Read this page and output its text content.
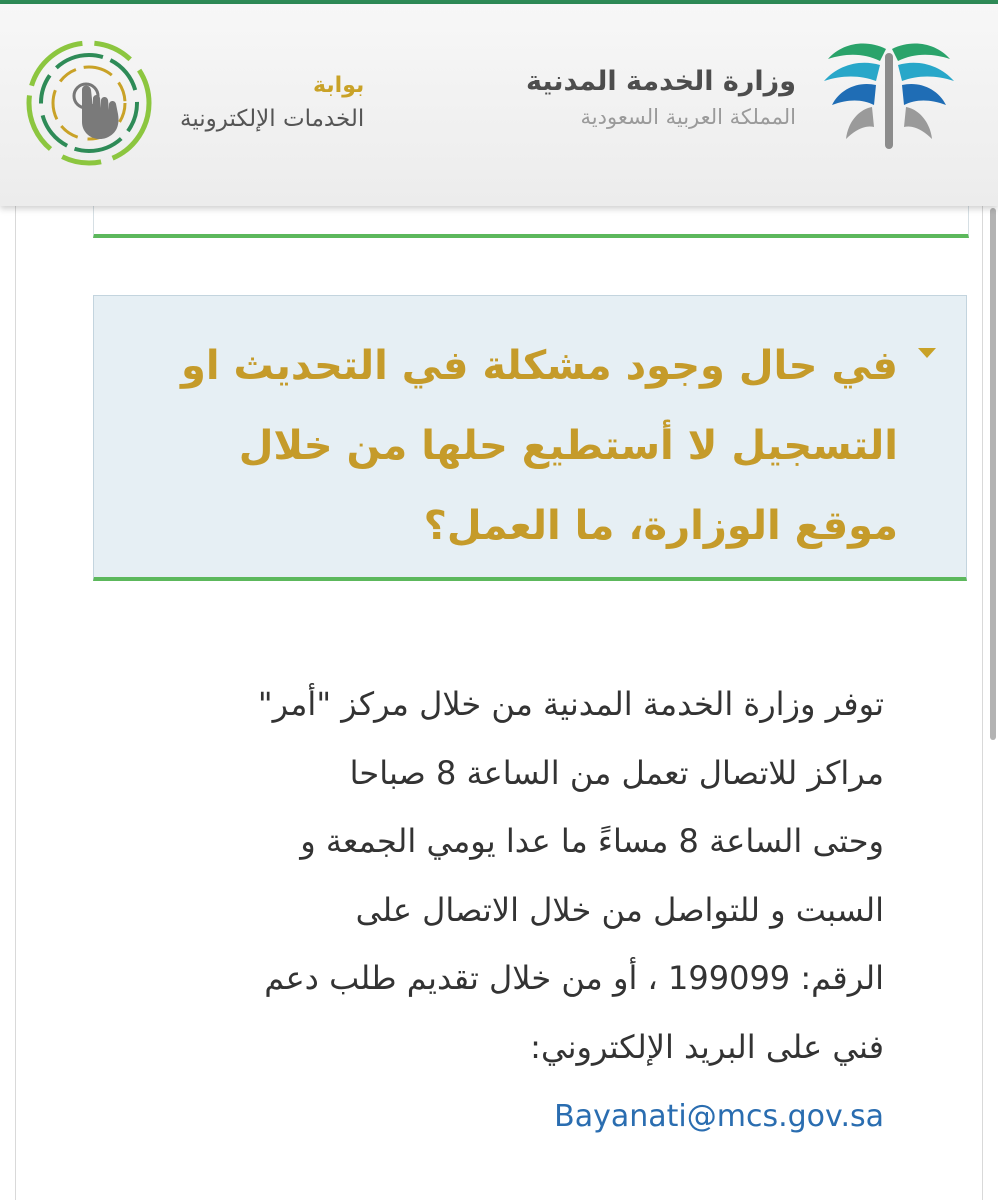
وزارة الخدمة المدنية
المملكة العربية السعودية
بوابة
الخدمات الإلكترونية
في حال وجود مشكلة في التحديث او
التسجيل لا أستطيع حلها من خلال
موقع الوزارة، ما العمل؟
توفر وزارة الخدمة المدنية من خلال مركز "أمر"
مراكز للاتصال تعمل من الساعة 8 صباحا
وحتى الساعة 8 مساءً ما عدا يومي الجمعة و
السبت و للتواصل من خلال الاتصال على
الرقم: 199099 ، أو من خلال تقديم طلب دعم
فني على البريد الإلكتروني:
Bayanati@mcs.gov.sa
